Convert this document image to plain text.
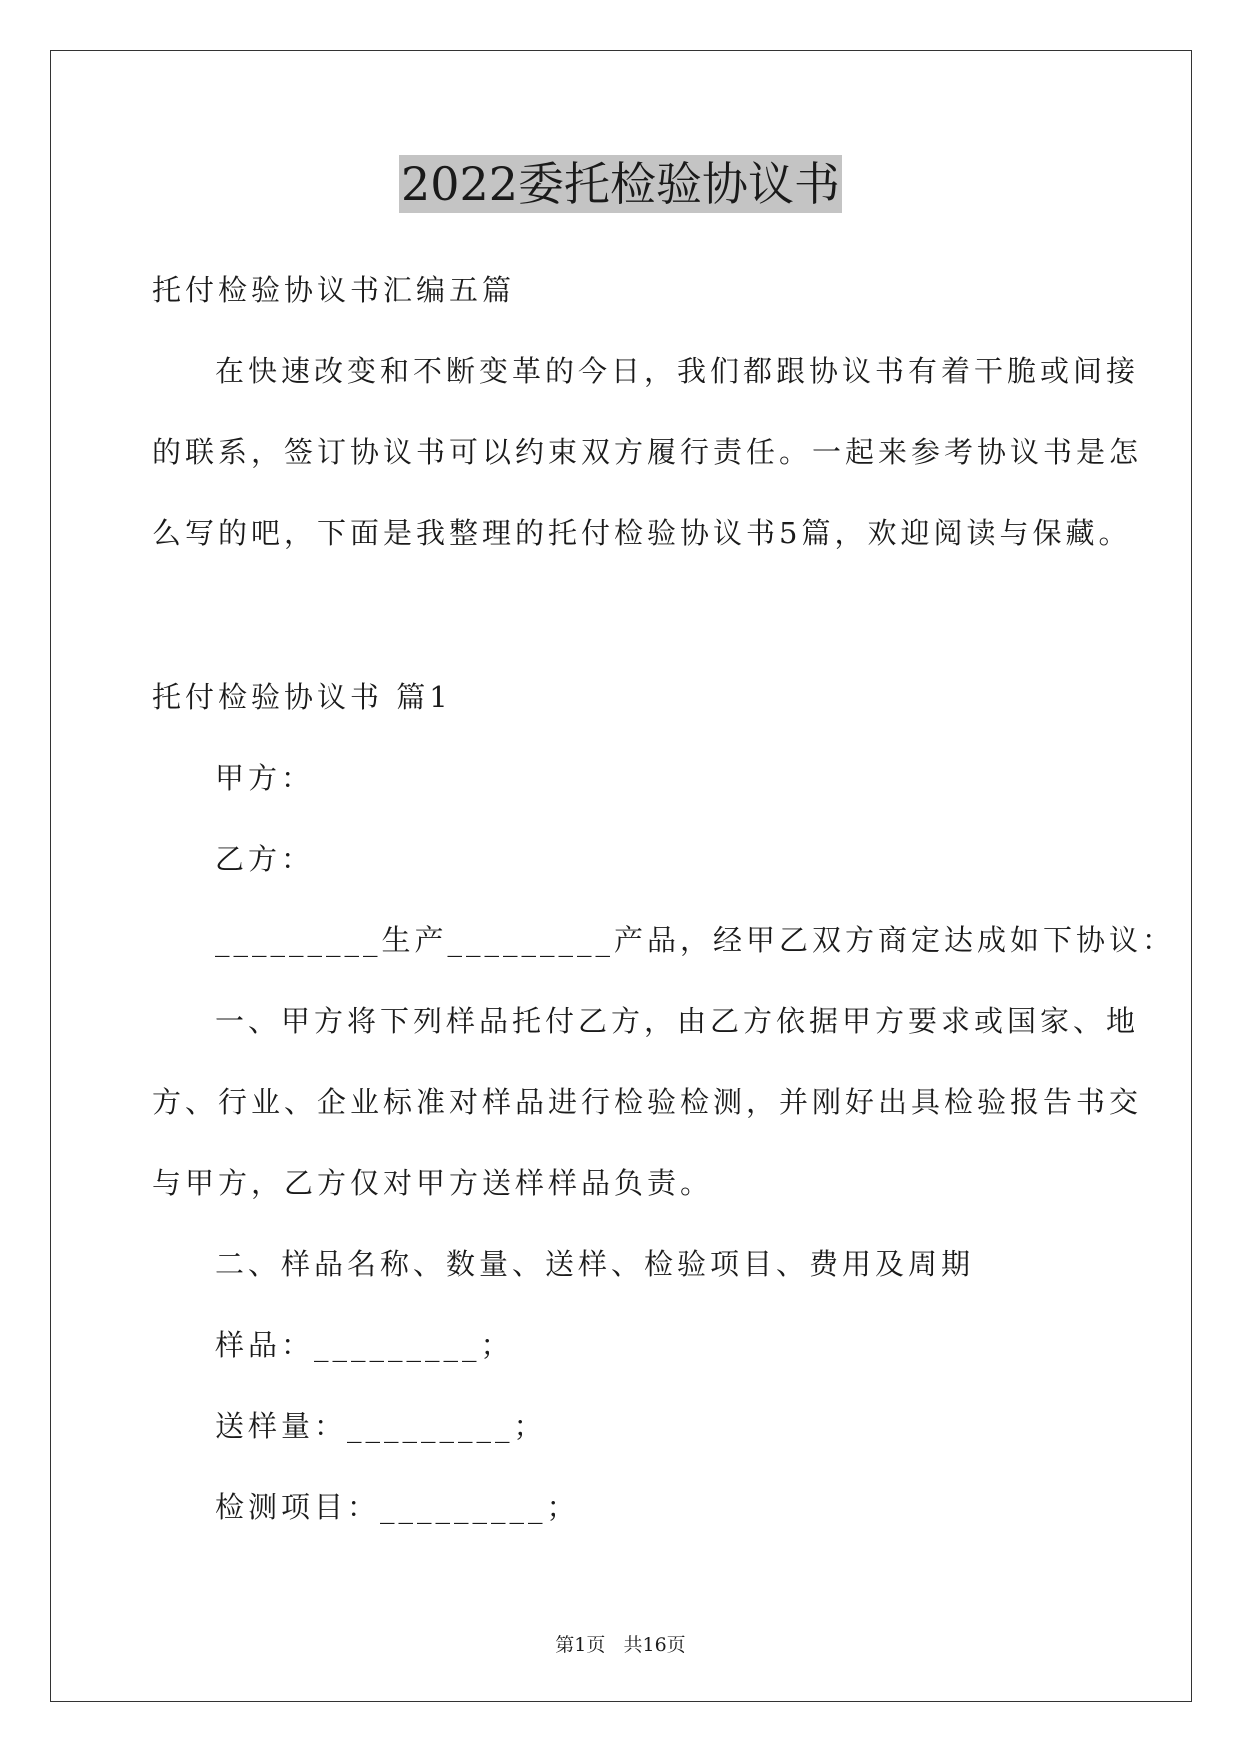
2022委托检验协议书
托付检验协议书汇编五篇
在快速改变和不断变革的今日，我们都跟协议书有着干脆或间接
的联系，签订协议书可以约束双方履行责任。一起来参考协议书是怎
么写的吧，下面是我整理的托付检验协议书5篇，欢迎阅读与保藏。
托付检验协议书 篇1
甲方：
乙方：
_________生产_________产品，经甲乙双方商定达成如下协议：
一、甲方将下列样品托付乙方，由乙方依据甲方要求或国家、地
方、行业、企业标准对样品进行检验检测，并刚好出具检验报告书交
与甲方，乙方仅对甲方送样样品负责。
二、样品名称、数量、送样、检验项目、费用及周期
样品：_________；
送样量：_________；
检测项目：_________；
第1页   共16页
